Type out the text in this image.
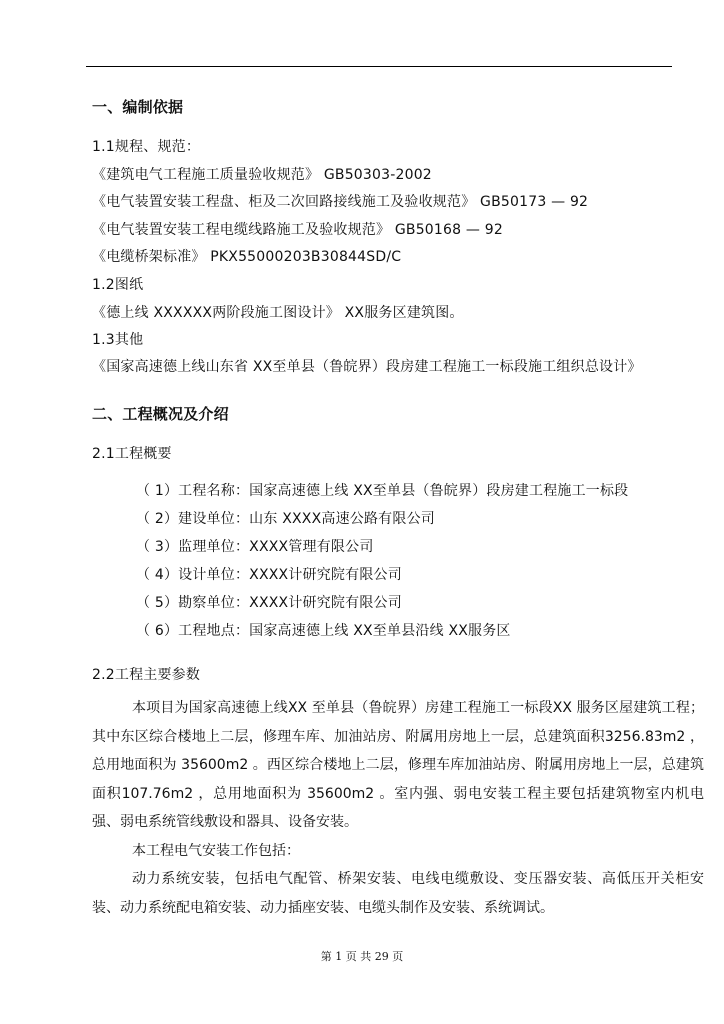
一、编制依据
1.1规程、规范：
《建筑电气工程施工质量验收规范》 GB50303-2002
《电气装置安装工程盘、柜及二次回路接线施工及验收规范》 GB50173 — 92
《电气装置安装工程电缆线路施工及验收规范》 GB50168 — 92
《电缆桥架标准》 PKX55000203B30844SD/C
1.2图纸
《德上线 XXXXXX两阶段施工图设计》 XX服务区建筑图。
1.3其他
《国家高速德上线山东省 XX至单县（鲁皖界）段房建工程施工一标段施工组织总设计》
二、工程概况及介绍
2.1工程概要
（ 1）工程名称：国家高速德上线 XX至单县（鲁皖界）段房建工程施工一标段
（ 2）建设单位：山东 XXXX高速公路有限公司
（ 3）监理单位：XXXX管理有限公司
（ 4）设计单位：XXXX计研究院有限公司
（ 5）勘察单位：XXXX计研究院有限公司
（ 6）工程地点：国家高速德上线 XX至单县沿线 XX服务区
2.2工程主要参数

本项目为国家高速德上线XX 至单县（鲁皖界）房建工程施工一标段XX 服务区屋建筑工程；其中东区综合楼地上二层，修理车库、加油站房、附属用房地上一层，总建筑面积3256.83m2 ，总用地面积为 35600m2 。西区综合楼地上二层，修理车库加油站房、附属用房地上一层，总建筑面积107.76m2 ，总用地面积为 35600m2 。室内强、弱电安装工程主要包括建筑物室内机电强、弱电系统管线敷设和器具、设备安装。

本工程电气安装工作包括：

动力系统安装，包括电气配管、桥架安装、电线电缆敷设、变压器安装、高低压开关柜安装、动力系统配电箱安装、动力插座安装、电缆头制作及安装、系统调试。

第 1 页 共 29 页
